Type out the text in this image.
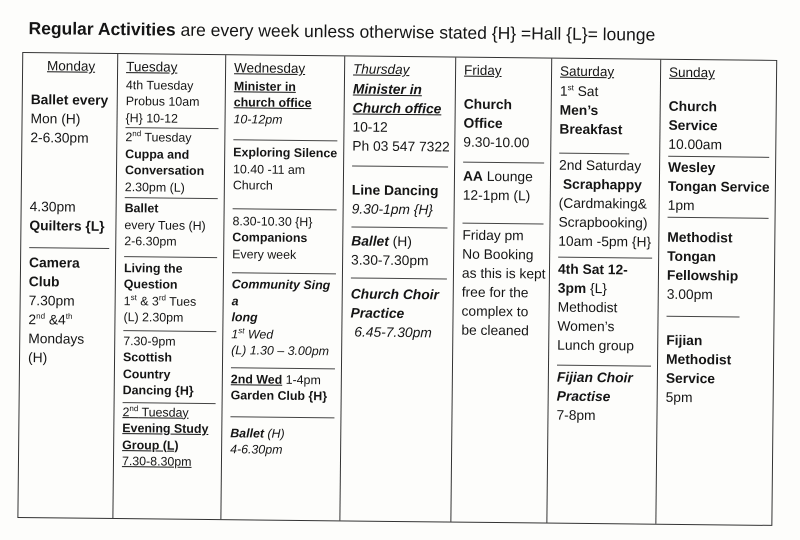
Regular Activities are every week unless otherwise stated {H} =Hall {L}= lounge
Monday
Ballet every
Mon (H)
2-6.30pm
4.30pm
Quilters {L}
Camera
Club
7.30pm
2nd &4th
Mondays
(H)
Tuesday
4th Tuesday
Probus 10am
{H} 10-12
2nd Tuesday
Cuppa and
Conversation
2.30pm (L)
Ballet
every Tues (H)
2-6.30pm
Living the
Question
1st & 3rd Tues
(L) 2.30pm
7.30-9pm
Scottish
Country
Dancing {H}
2nd Tuesday
Evening Study
Group (L)
7.30-8.30pm
Wednesday
Minister in
church office
10-12pm
Exploring Silence
10.40 -11 am
Church
8.30-10.30 {H}
Companions
Every week
Community Sing a
long
1st Wed
(L) 1.30 – 3.00pm
2nd Wed 1-4pm
Garden Club {H}
Ballet (H)
4-6.30pm
Thursday
Minister in
Church office
10-12
Ph 03 547 7322
Line Dancing
9.30-1pm {H}
Ballet (H)
3.30-7.30pm
Church Choir
Practice
6.45-7.30pm
Friday
Church
Office
9.30-10.00
AA Lounge
12-1pm (L)
Friday pm
No Booking
as this is kept
free for the
complex to
be cleaned
Saturday
1st Sat
Men’s
Breakfast
2nd Saturday
Scraphappy
(Cardmaking&
Scrapbooking)
10am -5pm {H}
4th Sat 12-
3pm {L}
Methodist
Women’s
Lunch group
Fijian Choir
Practise
7-8pm
Sunday
Church
Service
10.00am
Wesley
Tongan Service
1pm
Methodist
Tongan
Fellowship
3.00pm
Fijian
Methodist
Service
5pm
